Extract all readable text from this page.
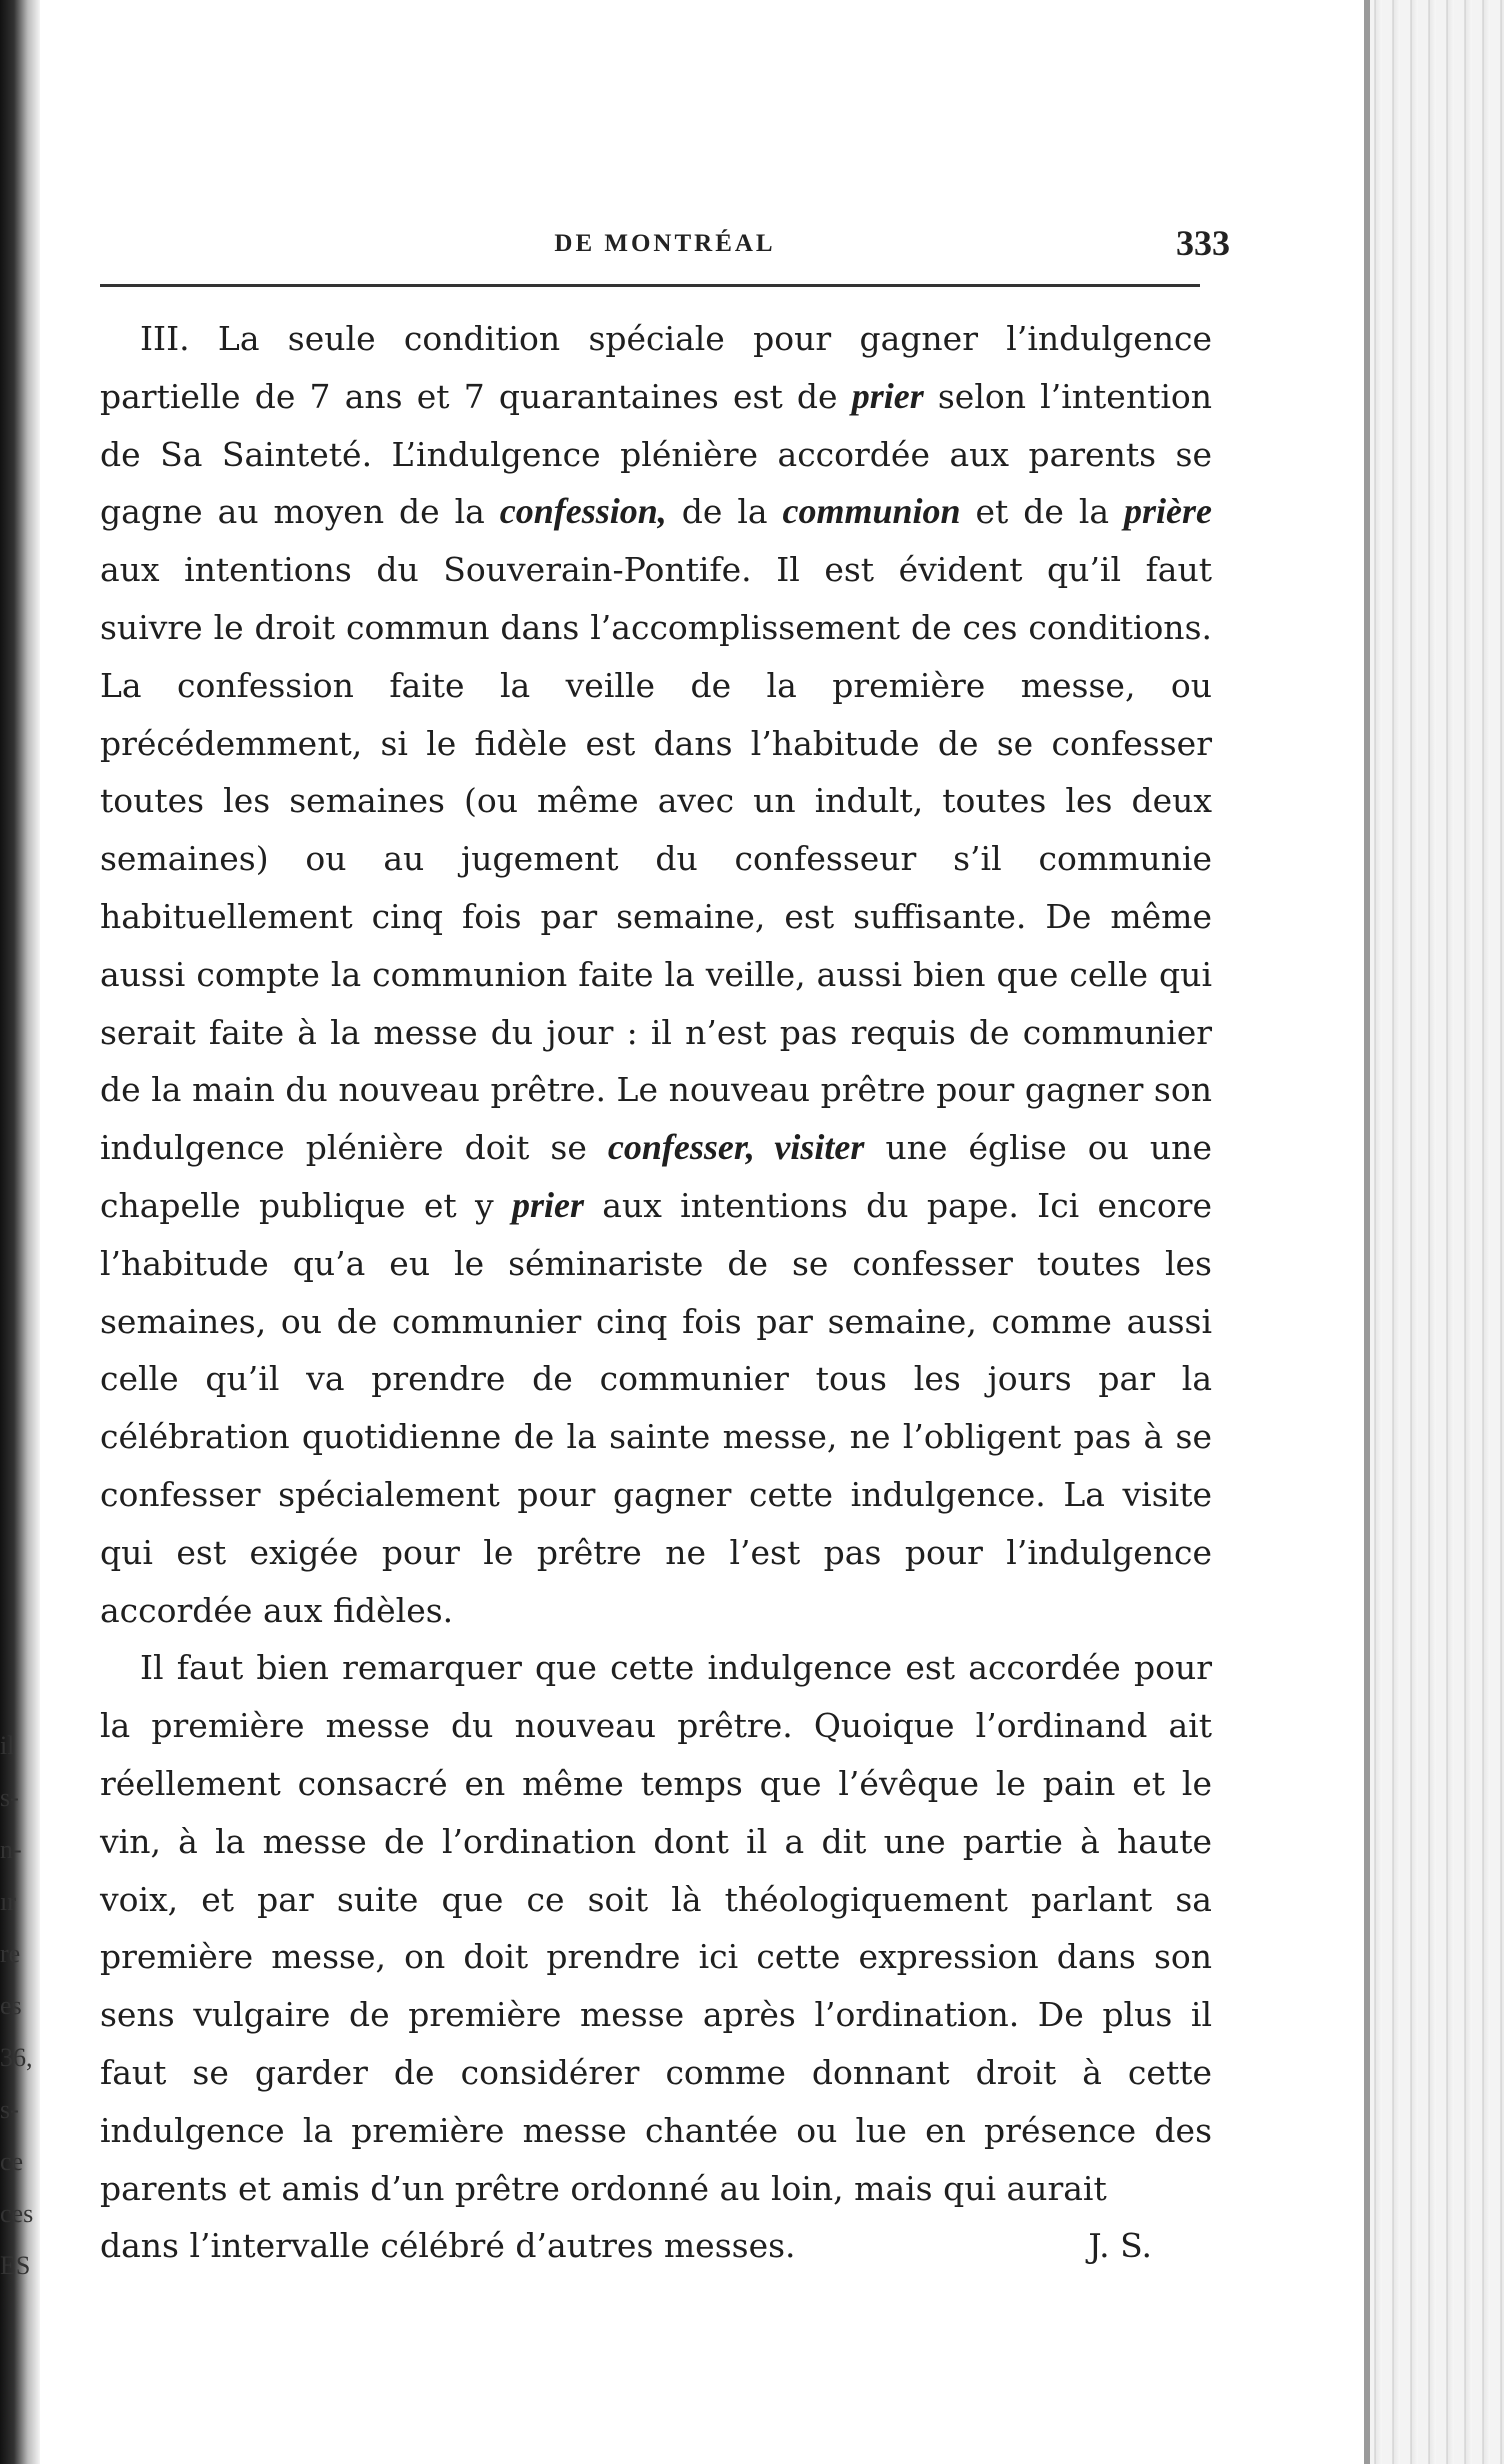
il
s-
n-
ır
re
es
36,
s-
ce
ces
ES
DE MONTRÉAL	333

III. La seule condition spéciale pour gagner l’indulgence partielle de 7 ans et 7 quarantaines est de prier selon l’intention de Sa Sainteté. L’indulgence plénière accordée aux parents se gagne au moyen de la confession, de la communion et de la prière aux intentions du Souverain-Pontife. Il est évident qu’il faut suivre le droit commun dans l’accomplissement de ces conditions. La confession faite la veille de la première messe, ou précédemment, si le fidèle est dans l’habitude de se confesser toutes les semaines (ou même avec un indult, toutes les deux semaines) ou au jugement du confesseur s’il communie habituellement cinq fois par semaine, est suffisante. De même aussi compte la communion faite la veille, aussi bien que celle qui serait faite à la messe du jour : il n’est pas requis de communier de la main du nouveau prêtre. Le nouveau prêtre pour gagner son indulgence plénière doit se confesser, visiter une église ou une chapelle publique et y prier aux intentions du pape. Ici encore l’habitude qu’a eu le séminariste de se confesser toutes les semaines, ou de communier cinq fois par semaine, comme aussi celle qu’il va prendre de communier tous les jours par la célébration quotidienne de la sainte messe, ne l’obligent pas à se confesser spécialement pour gagner cette indulgence. La visite qui est exigée pour le prêtre ne l’est pas pour l’indulgence accordée aux fidèles.

Il faut bien remarquer que cette indulgence est accordée pour la première messe du nouveau prêtre. Quoique l’ordinand ait réellement consacré en même temps que l’évêque le pain et le vin, à la messe de l’ordination dont il a dit une partie à haute voix, et par suite que ce soit là théologiquement parlant sa première messe, on doit prendre ici cette expression dans son sens vulgaire de première messe après l’ordination. De plus il faut se garder de considérer comme donnant droit à cette indulgence la première messe chantée ou lue en présence des parents et amis d’un prêtre ordonné au loin, mais qui aurait

dans l’intervalle célébré d’autres messes.	J. S.
